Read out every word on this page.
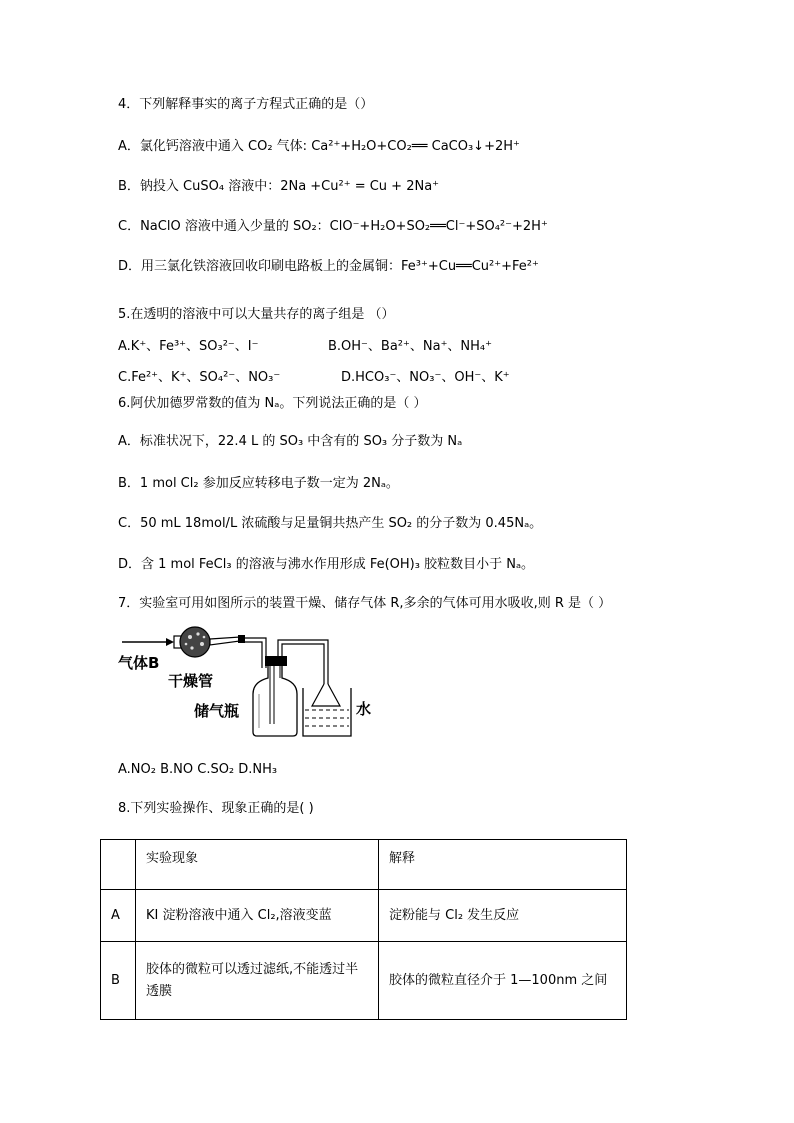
4．下列解释事实的离子方程式正确的是（）
A．氯化钙溶液中通入 CO₂ 气体: Ca²⁺+H₂O+CO₂══ CaCO₃↓+2H⁺
B．钠投入 CuSO₄ 溶液中：2Na +Cu²⁺ = Cu + 2Na⁺
C．NaClO 溶液中通入少量的 SO₂：ClO⁻+H₂O+SO₂══Cl⁻+SO₄²⁻+2H⁺
D．用三氯化铁溶液回收印刷电路板上的金属铜：Fe³⁺+Cu══Cu²⁺+Fe²⁺
5.在透明的溶液中可以大量共存的离子组是 （）
A.K⁺、Fe³⁺、SO₃²⁻、I⁻	B.OH⁻、Ba²⁺、Na⁺、NH₄⁺
C.Fe²⁺、K⁺、SO₄²⁻、NO₃⁻	D.HCO₃⁻、NO₃⁻、OH⁻、K⁺
6.阿伏加德罗常数的值为 Nₐ。下列说法正确的是（ ）
A．标准状况下，22.4 L 的 SO₃ 中含有的 SO₃ 分子数为 Nₐ
B．1 mol Cl₂ 参加反应转移电子数一定为 2Nₐ。
C．50 mL 18mol/L 浓硫酸与足量铜共热产生 SO₂ 的分子数为 0.45Nₐ。
D．含 1 mol FeCl₃ 的溶液与沸水作用形成 Fe(OH)₃ 胶粒数目小于 Nₐ。
7．实验室可用如图所示的装置干燥、储存气体 R,多余的气体可用水吸收,则 R 是（ ）
气体B
干燥管
储气瓶	水
A.NO₂ B.NO C.SO₂ D.NH₃
8.下列实验操作、现象正确的是( )
	实验现象	解释
A	KI 淀粉溶液中通入 Cl₂,溶液变蓝	淀粉能与 Cl₂ 发生反应
B	胶体的微粒可以透过滤纸,不能透过半透膜	胶体的微粒直径介于 1—100nm 之间
